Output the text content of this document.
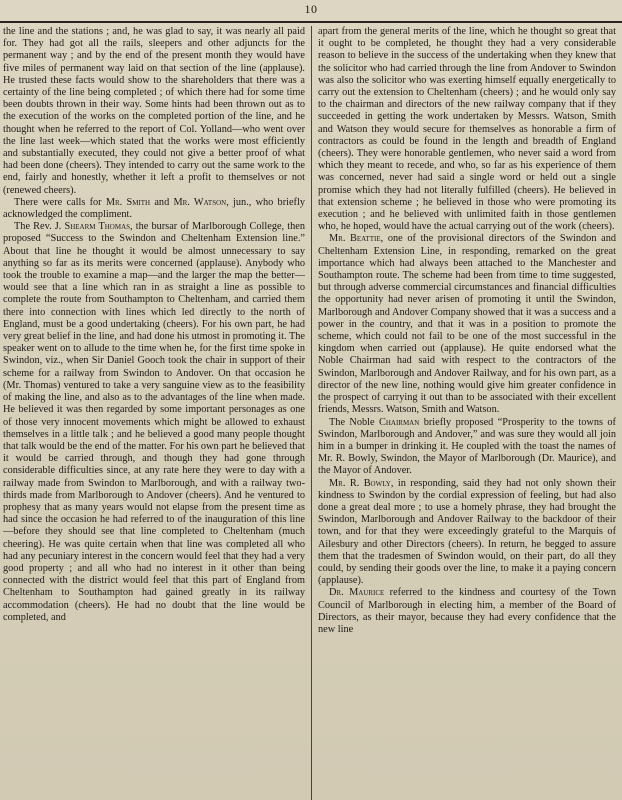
10

the line and the stations ; and, he was glad to say, it was nearly all paid for. They had got all the rails, sleepers and other adjuncts for the permanent way ; and by the end of the present month they would have five miles of permanent way laid on that section of the line (applause). He trusted these facts would show to the shareholders that there was a certainty of the line being completed ; of which there had for some time been doubts thrown in their way. Some hints had been thrown out as to the execution of the works on the completed portion of the line, and he thought when he referred to the report of Col. Yolland—who went over the line last week—which stated that the works were most efficiently and substantially executed, they could not give a better proof of what had been done (cheers). They intended to carry out the same work to the end, fairly and honestly, whether it left a profit to themselves or not (renewed cheers).

There were calls for Mr. Smith and Mr. Watson, jun., who briefly acknowledged the compliment.

The Rev. J. Shearm Thomas, the bursar of Marlborough College, then proposed “Success to the Swindon and Cheltenham Extension line.” About that line he thought it would be almost unnecessary to say anything so far as its merits were concerned (applause). Anybody who took the trouble to examine a map—and the larger the map the better—would see that a line which ran in as straight a line as possible to complete the route from Southampton to Cheltenham, and carried them there into connection with lines which led directly to the north of England, must be a good undertaking (cheers). For his own part, he had very great belief in the line, and had done his utmost in promoting it. The speaker went on to allude to the time when he, for the first time spoke in Swindon, viz., when Sir Daniel Gooch took the chair in support of their scheme for a railway from Swindon to Andover. On that occasion he (Mr. Thomas) ventured to take a very sanguine view as to the feasibility of making the line, and also as to the advantages of the line when made. He believed it was then regarded by some important personages as one of those very innocent movements which might be allowed to exhaust themselves in a little talk ; and he believed a good many people thought that talk would be the end of the matter. For his own part he believed that it would be carried through, and though they had gone through considerable difficulties since, at any rate here they were to day with a railway made from Swindon to Marlborough, and with a railway two-thirds made from Marlborough to Andover (cheers). And he ventured to prophesy that as many years would not elapse from the present time as had since the occasion he had referred to of the inauguration of this line—before they should see that line completed to Cheltenham (much cheering). He was quite certain when that line was completed all who had any pecuniary interest in the concern would feel that they had a very good property ; and all who had no interest in it other than being connected with the district would feel that this part of England from Cheltenham to Southampton had gained greatly in its railway accommodation (cheers). He had no doubt that the line would be completed, and

apart from the general merits of the line, which he thought so great that it ought to be completed, he thought they had a very considerable reason to believe in the success of the undertaking when they knew that the solicitor who had carried through the line from Andover to Swindon was also the solicitor who was exerting himself equally energetically to carry out the extension to Cheltenham (cheers) ; and he would only say to the chairman and directors of the new railway company that if they succeeded in getting the work undertaken by Messrs. Watson, Smith and Watson they would secure for themselves as honorable a firm of contractors as could be found in the length and breadth of England (cheers). They were honorable gentlemen, who never said a word from which they meant to recede, and who, so far as his experience of them was concerned, never had said a single word or held out a single promise which they had not literally fulfilled (cheers). He believed in that extension scheme ; he believed in those who were promoting its execution ; and he believed with unlimited faith in those gentlemen who, he hoped, would have the actual carrying out of the work (cheers).

Mr. Beattie, one of the provisional directors of the Swindon and Cheltenham Extension Line, in responding, remarked on the great importance which had always been attached to the Manchester and Southampton route. The scheme had been from time to time suggested, but through adverse commercial circumstances and financial difficulties the opportunity had never arisen of promoting it until the Swindon, Marlborough and Andover Company showed that it was a success and a power in the country, and that it was in a position to promote the scheme, which could not fail to be one of the most successful in the kingdom when carried out (applause). He quite endorsed what the Noble Chairman had said with respect to the contractors of the Swindon, Marlborough and Andover Railway, and for his own part, as a director of the new line, nothing would give him greater confidence in the prospect of carrying it out than to be associated with their excellent friends, Messrs. Watson, Smith and Watson.

The Noble Chairman briefly proposed “Prosperity to the towns of Swindon, Marlborough and Andover,” and was sure they would all join him in a bumper in drinking it. He coupled with the toast the names of Mr. R. Bowly, Swindon, the Mayor of Marlborough (Dr. Maurice), and the Mayor of Andover.

Mr. R. Bowly, in responding, said they had not only shown their kindness to Swindon by the cordial expression of feeling, but had also done a great deal more ; to use a homely phrase, they had brought the Swindon, Marlborough and Andover Railway to the backdoor of their town, and for that they were exceedingly grateful to the Marquis of Ailesbury and other Directors (cheers). In return, he begged to assure them that the tradesmen of Swindon would, on their part, do all they could, by sending their goods over the line, to make it a paying concern (applause).

Dr. Maurice referred to the kindness and courtesy of the Town Council of Marlborough in electing him, a member of the Board of Directors, as their mayor, because they had every confidence that the new line
